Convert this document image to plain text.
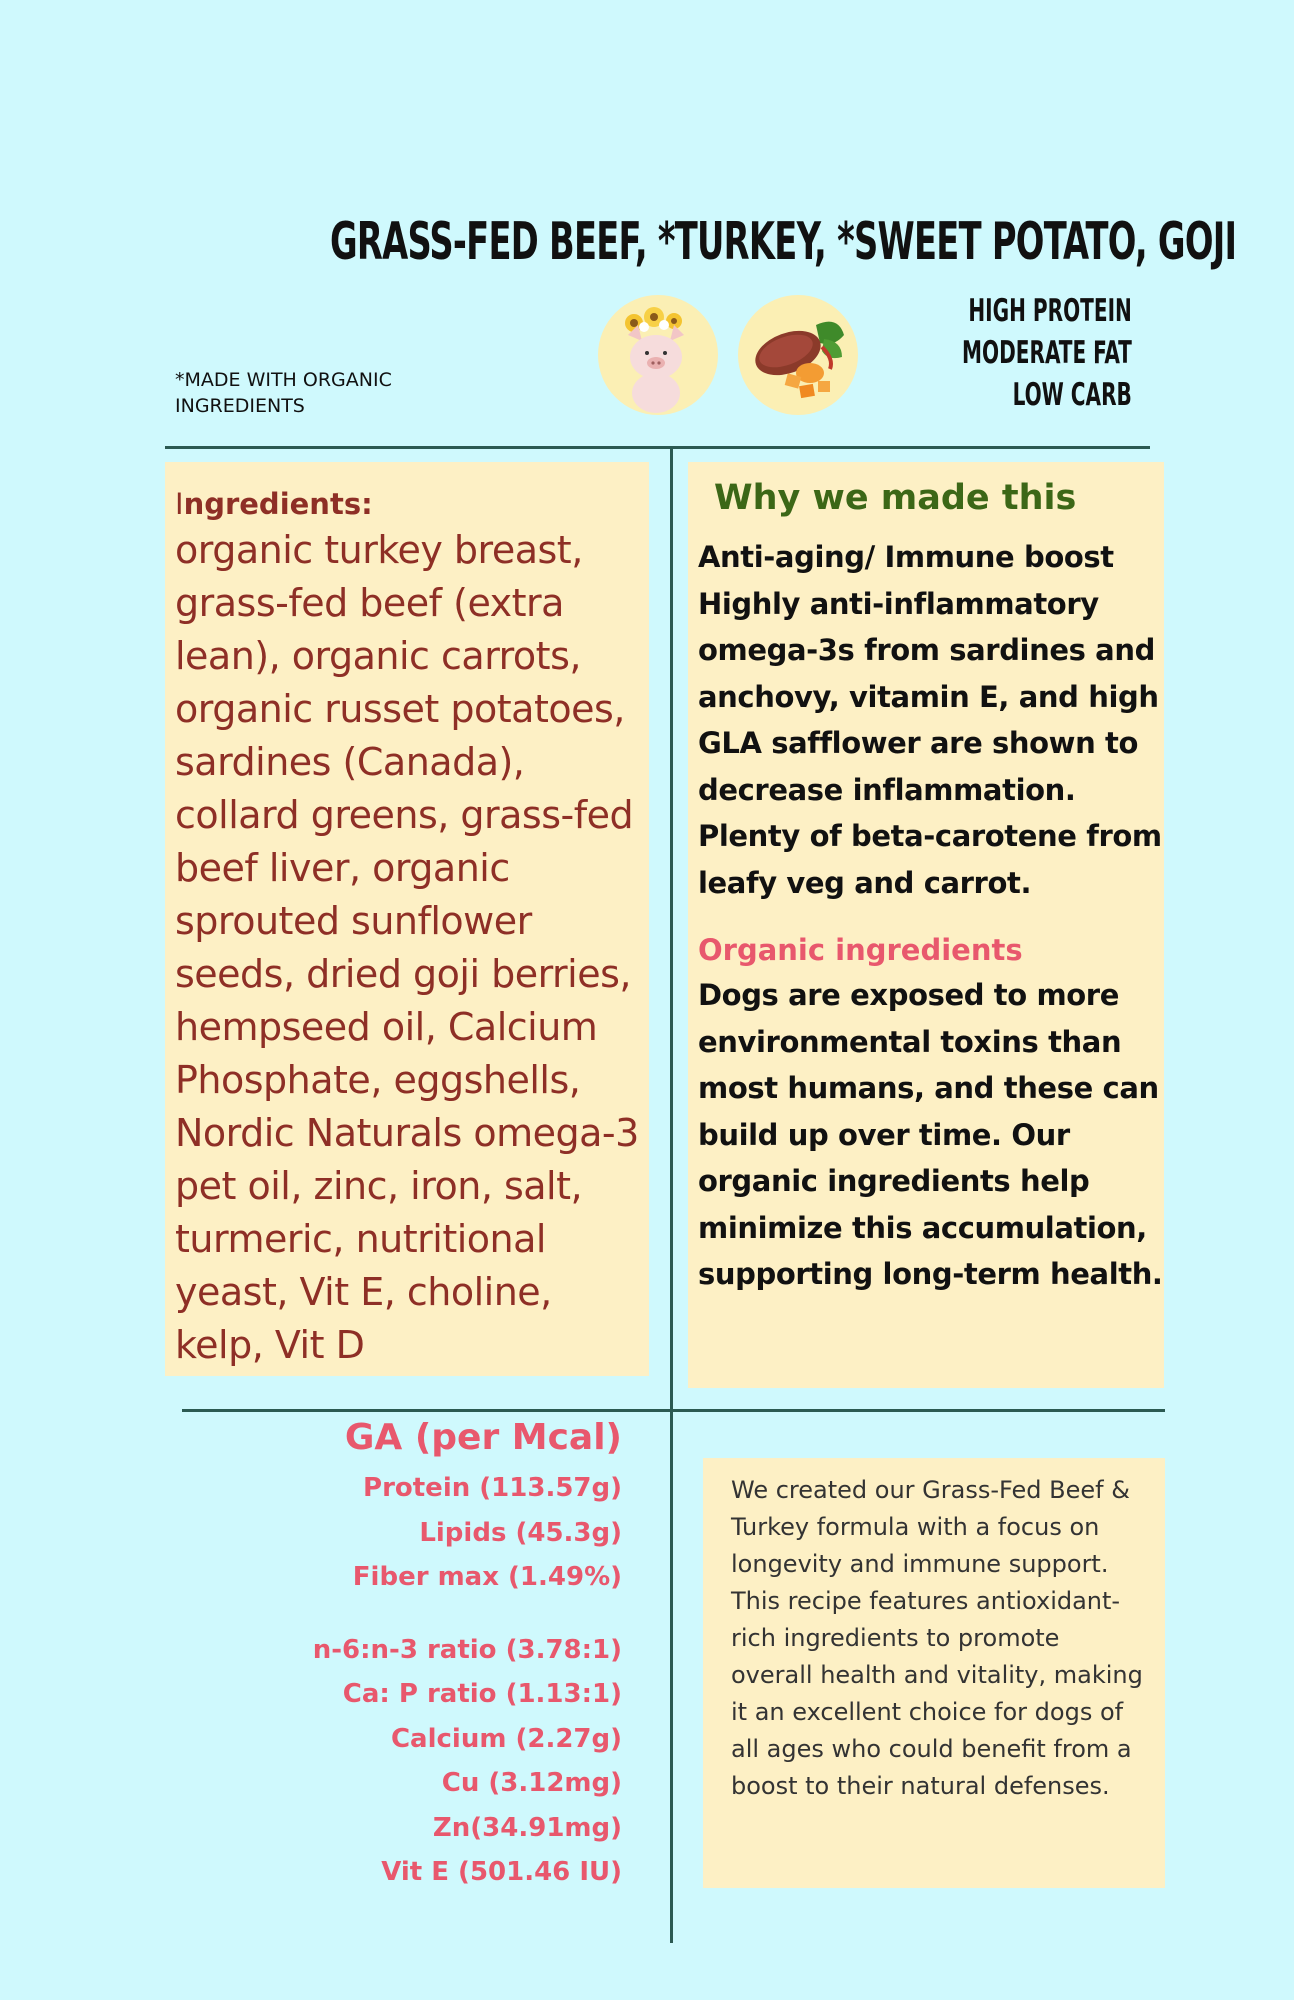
GRASS-FED BEEF, *TURKEY, *SWEET POTATO, GOJI
HIGH PROTEIN
MODERATE FAT
LOW CARB
*MADE WITH ORGANIC INGREDIENTS
Ingredients:
organic turkey breast, grass-fed beef (extra lean), organic carrots, organic russet potatoes, sardines (Canada), collard greens, grass-fed beef liver, organic sprouted sunflower seeds, dried goji berries, hempseed oil, Calcium Phosphate, eggshells, Nordic Naturals omega-3 pet oil, zinc, iron, salt, turmeric, nutritional yeast, Vit E, choline, kelp, Vit D
Why we made this
Anti-aging/ Immune boost Highly anti-inflammatory omega-3s from sardines and anchovy, vitamin E, and high GLA safflower are shown to decrease inflammation. Plenty of beta-carotene from leafy veg and carrot.
Organic ingredients
Dogs are exposed to more environmental toxins than most humans, and these can build up over time. Our organic ingredients help minimize this accumulation, supporting long-term health.
GA (per Mcal)
Protein (113.57g)
Lipids (45.3g)
Fiber max (1.49%)
n-6:n-3 ratio (3.78:1)
Ca: P ratio (1.13:1)
Calcium (2.27g)
Cu (3.12mg)
Zn(34.91mg)
Vit E (501.46 IU)
We created our Grass-Fed Beef & Turkey formula with a focus on longevity and immune support. This recipe features antioxidant-rich ingredients to promote overall health and vitality, making it an excellent choice for dogs of all ages who could benefit from a boost to their natural defenses.
